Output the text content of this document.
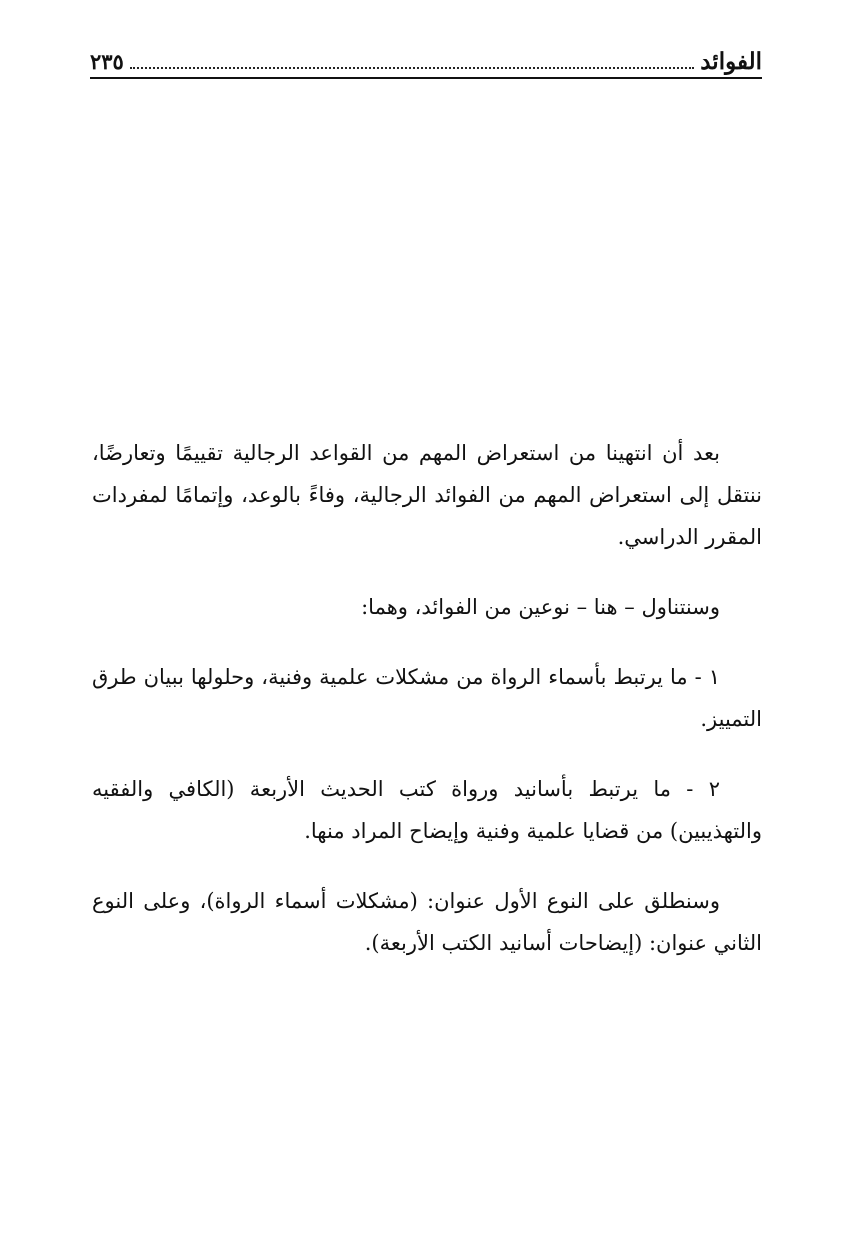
الفوائد
٢٣٥

بعد أن انتهينا من استعراض المهم من القواعد الرجالية تقييمًا وتعارضًا، ننتقل إلى استعراض المهم من الفوائد الرجالية، وفاءً بالوعد، وإتمامًا لمفردات المقرر الدراسي.

وسنتناول – هنا – نوعين من الفوائد، وهما:

١ - ما يرتبط بأسماء الرواة من مشكلات علمية وفنية، وحلولها ببيان طرق التمييز.

٢ - ما يرتبط بأسانيد ورواة كتب الحديث الأربعة (الكافي والفقيه والتهذيبين) من قضايا علمية وفنية وإيضاح المراد منها.

وسنطلق على النوع الأول عنوان: (مشكلات أسماء الرواة)، وعلى النوع الثاني عنوان: (إيضاحات أسانيد الكتب الأربعة).
